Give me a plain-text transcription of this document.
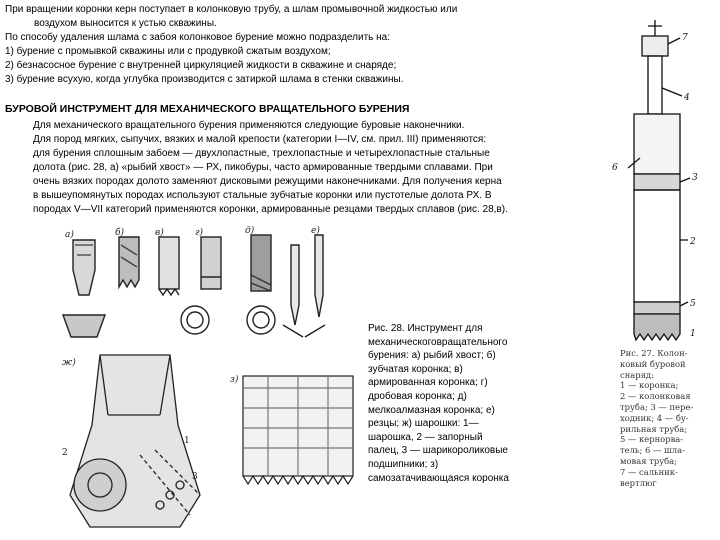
При вращении коронки керн поступает в колонковую трубу, а шлам промывочной жидкостью или
воздухом выносится к устью скважины.
По способу удаления шлама с забоя колонковое бурение можно подразделить на:
1) бурение с промывкой скважины или с продувкой сжатым воздухом;
2) безнасосное бурение с внутренней циркуляцией жидкости в скважине и снаряде;
3) бурение всухую, когда углубка производится с затиркой шлама в стенки скважины.
БУРОВОЙ ИНСТРУМЕНТ ДЛЯ МЕХАНИЧЕСКОГО ВРАЩАТЕЛЬНОГО БУРЕНИЯ
Для механического вращательного бурения применяются следующие буровые наконечники.
Для пород мягких, сыпучих, вязких и малой крепости (категории I—IV, см. прил. III) применяются:
для бурения сплошным забоем — двухлопастные, трехлопастные и четырехлопастные стальные
долота (рис. 28, а) «рыбий хвост» — РХ, пикобуры, часто армированные твердыми сплавами. При
очень вязких породах долото заменяют дисковыми режущими наконечниками. Для получения керна
в вышеупомянутых породах используют стальные зубчатые коронки или пустотелые долота РХ. В
породах V—VII категорий применяются коронки, армированные резцами твердых сплавов (рис. 28,в).
а)	б)	в)	г)	д)	е)
ж)
1
2
3
з)

Рис. 28. Инструмент для

механическоговращательного

бурения: а) рыбий хвост; б)

зубчатая коронка; в)

армированная коронка; г)

дробовая коронка; д)

мелкоалмазная коронка; е)

резцы; ж) шарошки: 1—

шарошка, 2 — запорный

палец, 3 — шарикороликовые

подшипники; з)

самозатачивающаяся коронка

7
4
6
3
2
5
1
Рис. 27. Колон-
ковый буровой
снаряд:
1 — коронка;
2 — колонковая
труба; 3 — пере-
ходник; 4 — бу-
рильная труба;
5 — кернорва-
тель; 6 — шла-
мовая труба;
7 — сальник-
вертлюг
